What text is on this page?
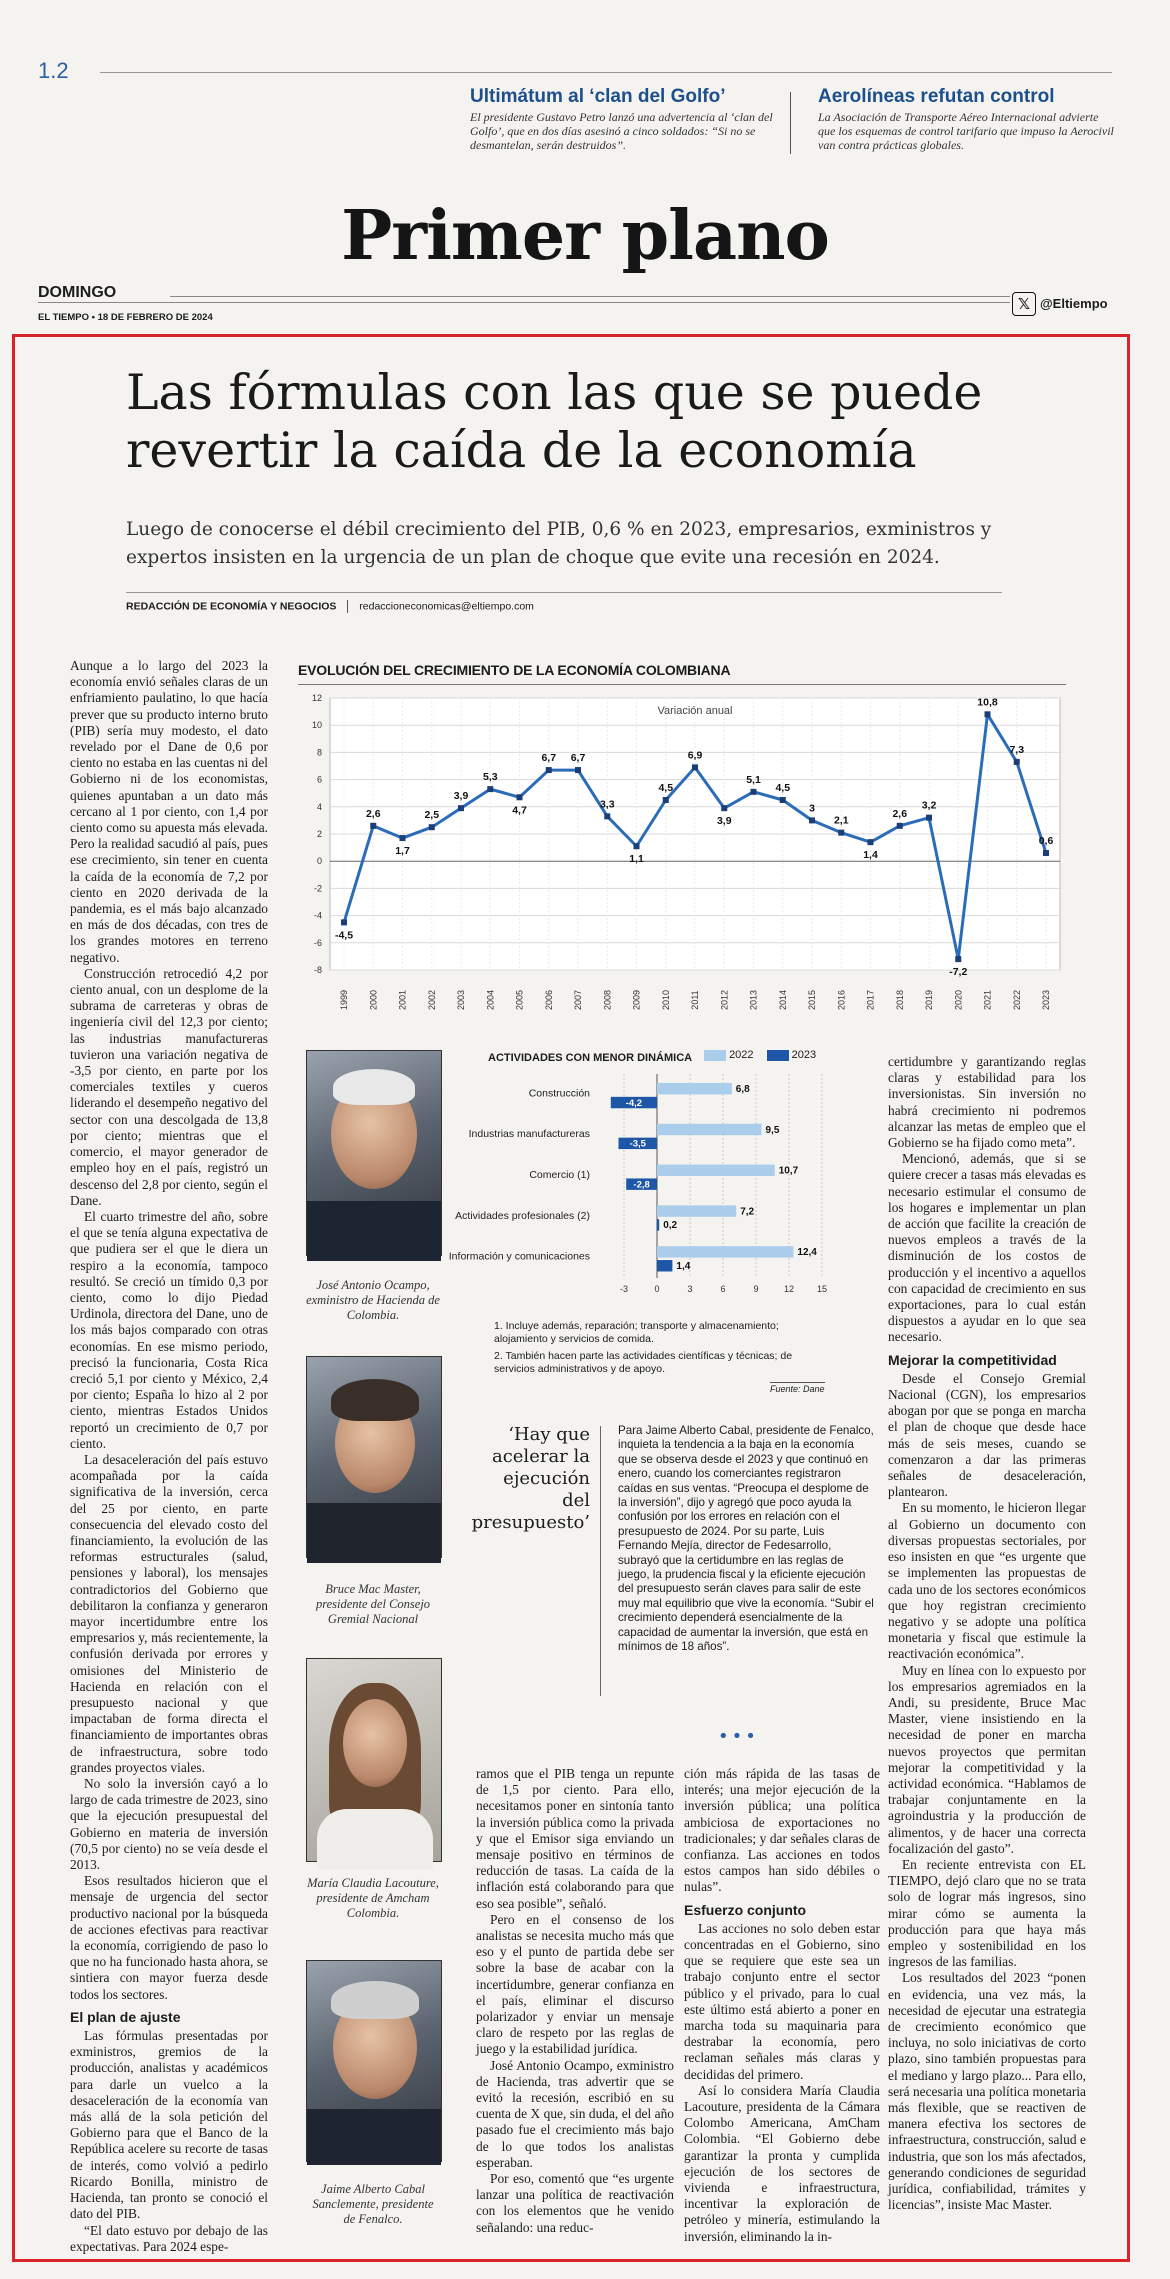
1.2
Ultimátum al ‘clan del Golfo’
El presidente Gustavo Petro lanzó una advertencia al ‘clan del Golfo’, que en dos días asesinó a cinco soldados: “Si no se desmantelan, serán destruidos”.
Aerolíneas refutan control
La Asociación de Transporte Aéreo Internacional advierte que los esquemas de control tarifario que impuso la Aerocivil van contra prácticas globales.
Primer plano
DOMINGO
EL TIEMPO • 18 DE FEBRERO DE 2024
𝕏 @Eltiempo
Las fórmulas con las que se puede revertir la caída de la economía
Luego de conocerse el débil crecimiento del PIB, 0,6 % en 2023, empresarios, exministros y expertos insisten en la urgencia de un plan de choque que evite una recesión en 2024.
REDACCIÓN DE ECONOMÍA Y NEGOCIOS redaccioneconomicas@eltiempo.com

Aunque a lo largo del 2023 la economía envió señales claras de un enfriamiento paulatino, lo que hacía prever que su producto interno bruto (PIB) sería muy modesto, el dato revelado por el Dane de 0,6 por ciento no estaba en las cuentas ni del Gobierno ni de los economistas, quienes apuntaban a un dato más cercano al 1 por ciento, con 1,4 por ciento como su apuesta más elevada. Pero la realidad sacudió al país, pues ese crecimiento, sin tener en cuenta la caída de la economía de 7,2 por ciento en 2020 derivada de la pandemia, es el más bajo alcanzado en más de dos décadas, con tres de los grandes motores en terreno negativo.

Construcción retrocedió 4,2 por ciento anual, con un desplome de la subrama de carreteras y obras de ingeniería civil del 12,3 por ciento; las industrias manufactureras tuvieron una variación negativa de -3,5 por ciento, en parte por los comerciales textiles y cueros liderando el desempeño negativo del sector con una descolgada de 13,8 por ciento; mientras que el comercio, el mayor generador de empleo hoy en el país, registró un descenso del 2,8 por ciento, según el Dane.

El cuarto trimestre del año, sobre el que se tenía alguna expectativa de que pudiera ser el que le diera un respiro a la economía, tampoco resultó. Se creció un tímido 0,3 por ciento, como lo dijo Piedad Urdinola, directora del Dane, uno de los más bajos comparado con otras economías. En ese mismo periodo, precisó la funcionaria, Costa Rica creció 5,1 por ciento y México, 2,4 por ciento; España lo hizo al 2 por ciento, mientras Estados Unidos reportó un crecimiento de 0,7 por ciento.

La desaceleración del país estuvo acompañada por la caída significativa de la inversión, cerca del 25 por ciento, en parte consecuencia del elevado costo del financiamiento, la evolución de las reformas estructurales (salud, pensiones y laboral), los mensajes contradictorios del Gobierno que debilitaron la confianza y generaron mayor incertidumbre entre los empresarios y, más recientemente, la confusión derivada por errores y omisiones del Ministerio de Hacienda en relación con el presupuesto nacional y que impactaban de forma directa el financiamiento de importantes obras de infraestructura, sobre todo grandes proyectos viales.

No solo la inversión cayó a lo largo de cada trimestre de 2023, sino que la ejecución presupuestal del Gobierno en materia de inversión (70,5 por ciento) no se veía desde el 2013.

Esos resultados hicieron que el mensaje de urgencia del sector productivo nacional por la búsqueda de acciones efectivas para reactivar la economía, corrigiendo de paso lo que no ha funcionado hasta ahora, se sintiera con mayor fuerza desde todos los sectores.

El plan de ajuste

Las fórmulas presentadas por exministros, gremios de la producción, analistas y académicos para darle un vuelco a la desaceleración de la economía van más allá de la sola petición del Gobierno para que el Banco de la República acelere su recorte de tasas de interés, como volvió a pedirlo Ricardo Bonilla, ministro de Hacienda, tan pronto se conoció el dato del PIB.

“El dato estuvo por debajo de las expectativas. Para 2024 espe-

EVOLUCIÓN DEL CRECIMIENTO DE LA ECONOMÍA COLOMBIANA
12
10
8
6
4
2
0
-2
-4
-6
-8
1999 2000 2001 2002 2003 2004 2005 2006 2007 2008 2009 2010 2011 2012 2013 2014 2015 2016 2017 2018 2019 2020 2021 2022 2023
Variación anual
-4,5
2,6
1,7
2,5
3,9
5,3
4,7
6,7 6,7
3,3
1,1
4,5
6,9
3,9
5,1
4,5
3
2,1
1,4
2,6
3,2
-7,2
10,8
7,3
0,6
José Antonio Ocampo, exministro de Hacienda de Colombia.
Bruce Mac Master, presidente del Consejo Gremial Nacional
María Claudia Lacouture, presidente de Amcham Colombia.
Jaime Alberto Cabal Sanclemente, presidente de Fenalco.
ACTIVIDADES CON MENOR DINÁMICA	2022	2023
-3	0	3	6	9	12	15
Construcción	6,8
-4,2
Industrias manufactureras	9,5
-3,5
Comercio (1)	10,7
-2,8
Actividades profesionales (2)	7,2
0,2
Información y comunicaciones	12,4
1,4
1. Incluye además, reparación; transporte y almacenamiento; alojamiento y servicios de comida.
2. También hacen parte las actividades científicas y técnicas; de servicios administrativos y de apoyo.
Fuente: Dane
‘Hay que acelerar la ejecución del presupuesto’
Para Jaime Alberto Cabal, presidente de Fenalco, inquieta la tendencia a la baja en la economía que se observa desde el 2023 y que continuó en enero, cuando los comerciantes registraron caídas en sus ventas. “Preocupa el desplome de la inversión”, dijo y agregó que poco ayuda la confusión por los errores en relación con el presupuesto de 2024. Por su parte, Luis Fernando Mejía, director de Fedesarrollo, subrayó que la certidumbre en las reglas de juego, la prudencia fiscal y la eficiente ejecución del presupuesto serán claves para salir de este muy mal equilibrio que vive la economía. “Subir el crecimiento dependerá esencialmente de la capacidad de aumentar la inversión, que está en mínimos de 18 años”.
•••

ramos que el PIB tenga un repunte de 1,5 por ciento. Para ello, necesitamos poner en sintonía tanto la inversión pública como la privada y que el Emisor siga enviando un mensaje positivo en términos de reducción de tasas. La caída de la inflación está colaborando para que eso sea posible”, señaló.

Pero en el consenso de los analistas se necesita mucho más que eso y el punto de partida debe ser sobre la base de acabar con la incertidumbre, generar confianza en el país, eliminar el discurso polarizador y enviar un mensaje claro de respeto por las reglas de juego y la estabilidad jurídica.

José Antonio Ocampo, exministro de Hacienda, tras advertir que se evitó la recesión, escribió en su cuenta de X que, sin duda, el del año pasado fue el crecimiento más bajo de lo que todos los analistas esperaban.

Por eso, comentó que “es urgente lanzar una política de reactivación con los elementos que he venido señalando: una reduc-

ción más rápida de las tasas de interés; una mejor ejecución de la inversión pública; una política ambiciosa de exportaciones no tradicionales; y dar señales claras de confianza. Las acciones en todos estos campos han sido débiles o nulas”.

Esfuerzo conjunto

Las acciones no solo deben estar concentradas en el Gobierno, sino que se requiere que este sea un trabajo conjunto entre el sector público y el privado, para lo cual este último está abierto a poner en marcha toda su maquinaria para destrabar la economía, pero reclaman señales más claras y decididas del primero.

Así lo considera María Claudia Lacouture, presidenta de la Cámara Colombo Americana, AmCham Colombia. “El Gobierno debe garantizar la pronta y cumplida ejecución de los sectores de vivienda e infraestructura, incentivar la exploración de petróleo y minería, estimulando la inversión, eliminando la in-

certidumbre y garantizando reglas claras y estabilidad para los inversionistas. Sin inversión no habrá crecimiento ni podremos alcanzar las metas de empleo que el Gobierno se ha fijado como meta”.

Mencionó, además, que si se quiere crecer a tasas más elevadas es necesario estimular el consumo de los hogares e implementar un plan de acción que facilite la creación de nuevos empleos a través de la disminución de los costos de producción y el incentivo a aquellos con capacidad de crecimiento en sus exportaciones, para lo cual están dispuestos a ayudar en lo que sea necesario.

Mejorar la competitividad

Desde el Consejo Gremial Nacional (CGN), los empresarios abogan por que se ponga en marcha el plan de choque que desde hace más de seis meses, cuando se comenzaron a dar las primeras señales de desaceleración, plantearon.

En su momento, le hicieron llegar al Gobierno un documento con diversas propuestas sectoriales, por eso insisten en que “es urgente que se implementen las propuestas de cada uno de los sectores económicos que hoy registran crecimiento negativo y se adopte una política monetaria y fiscal que estimule la reactivación económica”.

Muy en línea con lo expuesto por los empresarios agremiados en la Andi, su presidente, Bruce Mac Master, viene insistiendo en la necesidad de poner en marcha nuevos proyectos que permitan mejorar la competitividad y la actividad económica. “Hablamos de trabajar conjuntamente en la agroindustria y la producción de alimentos, y de hacer una correcta focalización del gasto”.

En reciente entrevista con EL TIEMPO, dejó claro que no se trata solo de lograr más ingresos, sino mirar cómo se aumenta la producción para que haya más empleo y sostenibilidad en los ingresos de las familias.

Los resultados del 2023 “ponen en evidencia, una vez más, la necesidad de ejecutar una estrategia de crecimiento económico que incluya, no solo iniciativas de corto plazo, sino también propuestas para el mediano y largo plazo... Para ello, será necesaria una política monetaria más flexible, que se reactiven de manera efectiva los sectores de infraestructura, construcción, salud e industria, que son los más afectados, generando condiciones de seguridad jurídica, confiabilidad, trámites y licencias”, insiste Mac Master.
